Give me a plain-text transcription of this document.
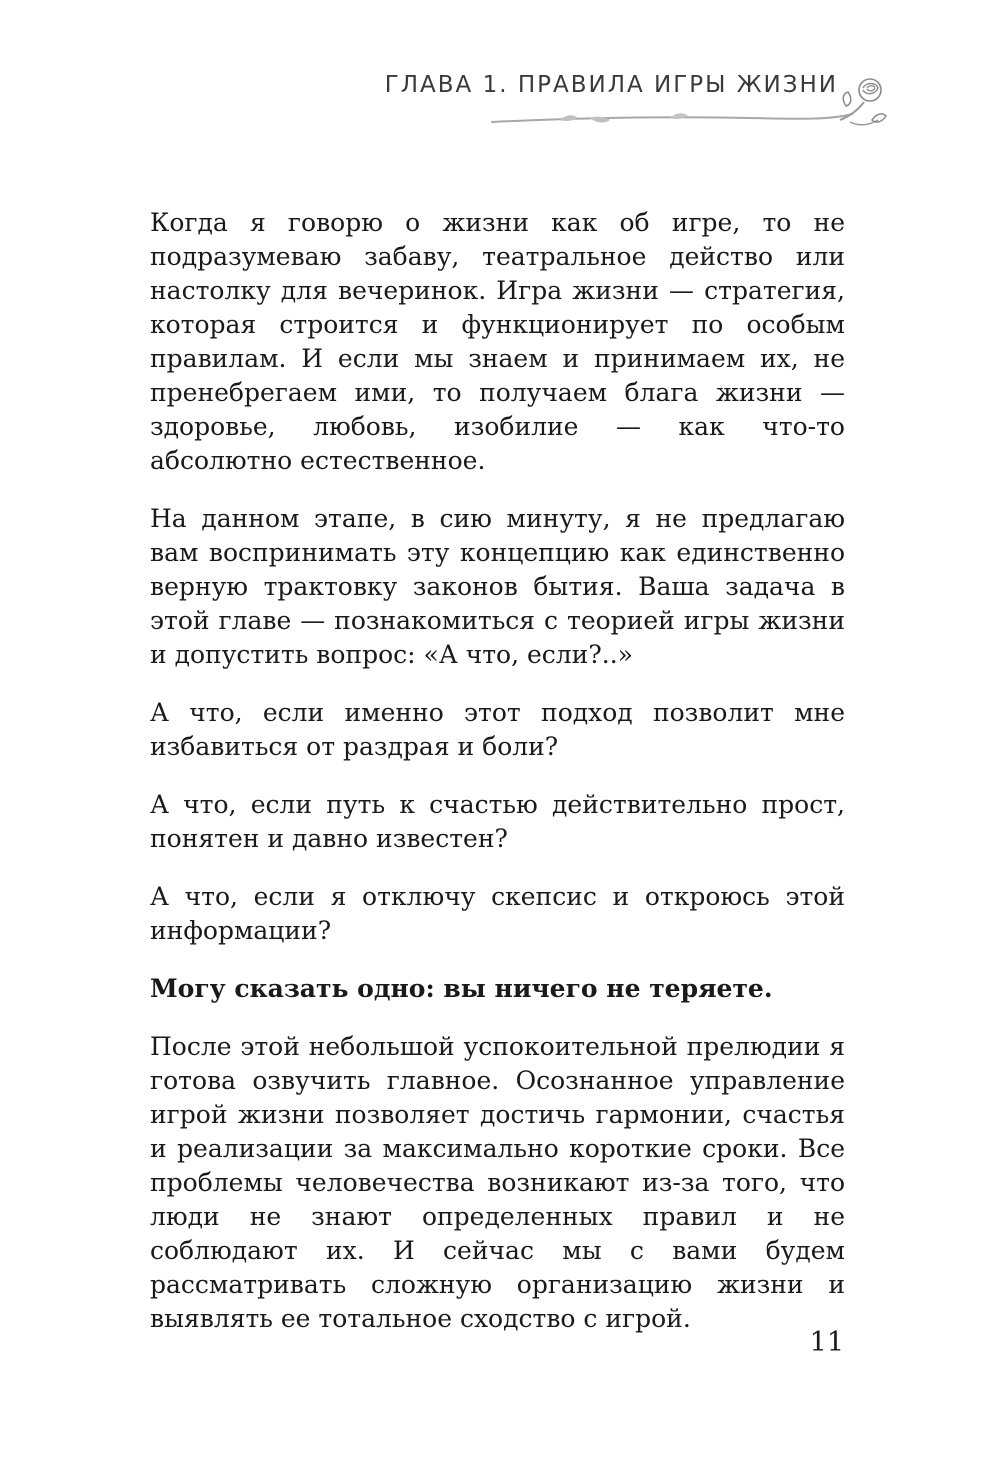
ГЛАВА 1. ПРАВИЛА ИГРЫ ЖИЗНИ

Когда я говорю о жизни как об игре, то не подразумеваю забаву, театральное действо или настолку для вечеринок. Игра жизни — стратегия, которая строится и функционирует по особым правилам. И если мы знаем и принимаем их, не пренебрегаем ими, то получаем блага жизни — здоровье, любовь, изобилие — как что-то абсолютно естественное.

На данном этапе, в сию минуту, я не предлагаю вам воспринимать эту концепцию как единственно верную трактовку законов бытия. Ваша задача в этой главе — познакомиться с теорией игры жизни и допустить вопрос: «А что, если?..»

А что, если именно этот подход позволит мне избавиться от раздрая и боли?

А что, если путь к счастью действительно прост, понятен и давно известен?

А что, если я отключу скепсис и откроюсь этой информации?

Могу сказать одно: вы ничего не теряете.

После этой небольшой успокоительной прелюдии я готова озвучить главное. Осознанное управление игрой жизни позволяет достичь гармонии, счастья и реализации за максимально короткие сроки. Все проблемы человечества возникают из-за того, что люди не знают определенных правил и не соблюдают их. И сейчас мы с вами будем рассматривать сложную организацию жизни и выявлять ее тотальное сходство с игрой.

11
